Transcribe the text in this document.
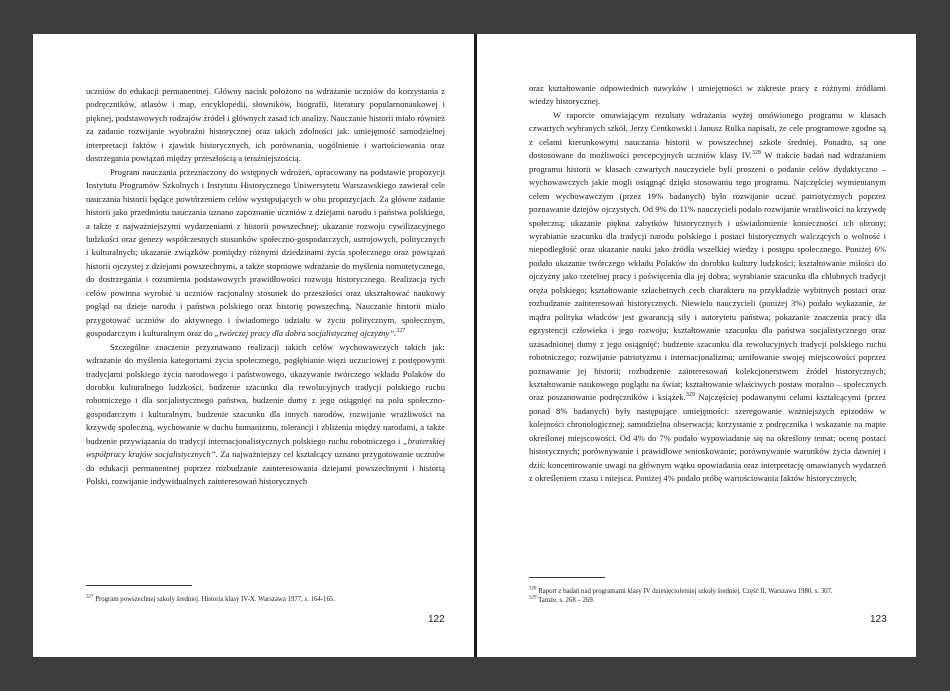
uczniów do edukacji permanentnej. Główny nacisk położono na wdrażanie uczniów do korzystania z podręczników, atlasów i map, encyklopedii, słowników, biografii, literatury popularnonaukowej i pięknej, podstawowych rodzajów źródeł i głównych zasad ich analizy. Nauczanie historii miało również za zadanie rozwijanie wyobraźni historycznej oraz takich zdolności jak: umiejętność samodzielnej interpretacji faktów i zjawisk historycznych, ich porównania, uogólnienie i wartościowania oraz dostrzegania powiązań między przeszłością a teraźniejszością.

Program nauczania przeznaczony do wstępnych wdrożeń, opracowany na podstawie propozycji Instytutu Programów Szkolnych i Instytutu Historycznego Uniwersytetu Warszawskiego zawierał cele nauczania historii będące powtórzeniem celów występujących w obu propozycjach. Za główne zadanie historii jako przedmiotu nauczania uznano zapoznanie uczniów z dziejami narodu i państwa polskiego, a także z najważniejszymi wydarzeniami z historii powszechnej; ukazanie rozwoju cywilizacyjnego ludzkości oraz genezy współczesnych stosunków społeczno-gospodarczych, ustrojowych, politycznych i kulturalnych; ukazanie związków pomiędzy różnymi dziedzinami życia społecznego oraz powiązań historii ojczystej z dziejami powszechnymi, a także stopniowe wdrażanie do myślenia nomotetycznego, do dostrzegania i rozumienia podstawowych prawidłowości rozwoju historycznego. Realizacja tych celów powinna wyrobić u uczniów racjonalny stosunek do przeszłości oraz ukształtować naukowy pogląd na dzieje narodu i państwa polskiego oraz historię powszechną. Nauczanie historii miało przygotować uczniów do aktywnego i świadomego udziału w życiu politycznym, społecznym, gospodarczym i kulturalnym oraz do „twórczej pracy dla dobra socjalistycznej ojczyzny”.$^{327}$

Szczególne znaczenie przyznawano realizacji takich celów wychowawczych takich jak: wdrażanie do myślenia kategoriami życia społecznego, pogłębianie więzi uczuciowej z postępowymi tradycjami polskiego życia narodowego i państwowego, ukazywanie twórczego wkładu Polaków do dorobku kulturalnego ludzkości, budzenie szacunku dla rewolucyjnych tradycji polskiego ruchu robotniczego i dla socjalistycznego państwa, budzenie dumy z jego osiągnięć na polu społeczno-gospodarczym i kulturalnym, budzenie szacunku dla innych narodów, rozwijanie wrażliwości na krzywdę społeczną, wychowanie w duchu humanizmu, tolerancji i zbliżenia między narodami, a także budzenie przywiązania do tradycji internacjonalistycznych polskiego ruchu robotniczego i „braterskiej współpracy krajów socjalistycznych”. Za najważniejszy cel kształcący uznano przygotowanie uczniów do edukacji permanentnej poprzez rozbudzanie zainteresowania dziejami powszechnymi i historią Polski, rozwijanie indywidualnych zainteresowań historycznych

$^{327}$ Program powszechnej szkoły średniej. Historia klasy IV-X. Warszawa 1977, s. 164-165.
122

oraz kształtowanie odpowiednich nawyków i umiejętności w zakresie pracy z różnymi źródłami wiedzy historycznej.

W raporcie omawiającym rezultaty wdrażania wyżej omówionego programu w klasach czwartych wybranych szkół, Jerzy Centkowski i Janusz Rulka napisali, że cele programowe zgodne są z celami kierunkowymi nauczania historii w powszechnej szkole średniej. Ponadto, są one dostosowane do możliwości percepcyjnych uczniów klasy IV.$^{328}$ W trakcie badań nad wdrażaniem programu historii w klasach czwartych nauczyciele byli proszeni o podanie celów dydaktyczno – wychowawczych jakie mogli osiągnąć dzięki stosowaniu tego programu. Najczęściej wymienianym celem wychowawczym (przez 19% badanych) było rozwijanie uczuć patriotycznych poprzez poznawanie dziejów ojczystych. Od 9% do 11% nauczycieli podało rozwijanie wrażliwości na krzywdę społeczną; ukazanie piękna zabytków historycznych i uświadomienie konieczności ich obrony; wyrabianie szacunku dla tradycji narodu polskiego i postaci historycznych walczących o wolność i niepodległość oraz ukazanie nauki jako źródła wszelkiej wiedzy i postępu społecznego. Poniżej 6% podało ukazanie twórczego wkładu Polaków do dorobku kultury ludzkości; kształtowanie miłości do ojczyzny jako rzetelnej pracy i poświęcenia dla jej dobra; wyrabianie szacunku dla chlubnych tradycji oręża polskiego; kształtowanie szlachetnych cech charakteru na przykładzie wybitnych postaci oraz rozbudzanie zainteresowań historycznych. Niewielu nauczycieli (poniżej 3%) podało wykazanie, że mądra polityka władców jest gwarancją siły i autorytetu państwa; pokazanie znaczenia pracy dla egzystencji człowieka i jego rozwoju; kształtowanie szacunku dla państwa socjalistycznego oraz uzasadnionej dumy z jego osiągnięć; budzenie szacunku dla rewolucyjnych tradycji polskiego ruchu robotniczego; rozwijanie patriotyzmu i internacjonalizmu; umiłowanie swojej miejscowości poprzez poznawanie jej historii; rozbudzenie zainteresowań kolekcjonerstwem źródeł historycznych; kształtowanie naukowego poglądu na świat; kształtowanie właściwych postaw moralno – społecznych oraz poszanowanie podręczników i książek.$^{329}$ Najczęściej podawanymi celami kształcącymi (przez ponad 8% badanych) były następujące umiejętności: szeregowanie ważniejszych epizodów w kolejności chronologicznej; samodzielna obserwacja; korzystanie z podręcznika i wskazanie na mapie określonej miejscowości. Od 4% do 7% podało wypowiadanie się na określony temat; ocenę postaci historycznych; porównywanie i prawidłowe wnioskowanie; porównywanie warunków życia dawniej i dziś; koncentrowanie uwagi na głównym wątku opowiadania oraz interpretację omawianych wydarzeń z określeniem czasu i miejsca. Poniżej 4% podało próbę wartościowania faktów historycznych;

$^{328}$ Raport z badań nad programami klasy IV dziesięcioletniej szkoły średniej. Część II, Warszawa 1980, s. 307.
$^{329}$ Tamże, s. 268 – 269.
123
